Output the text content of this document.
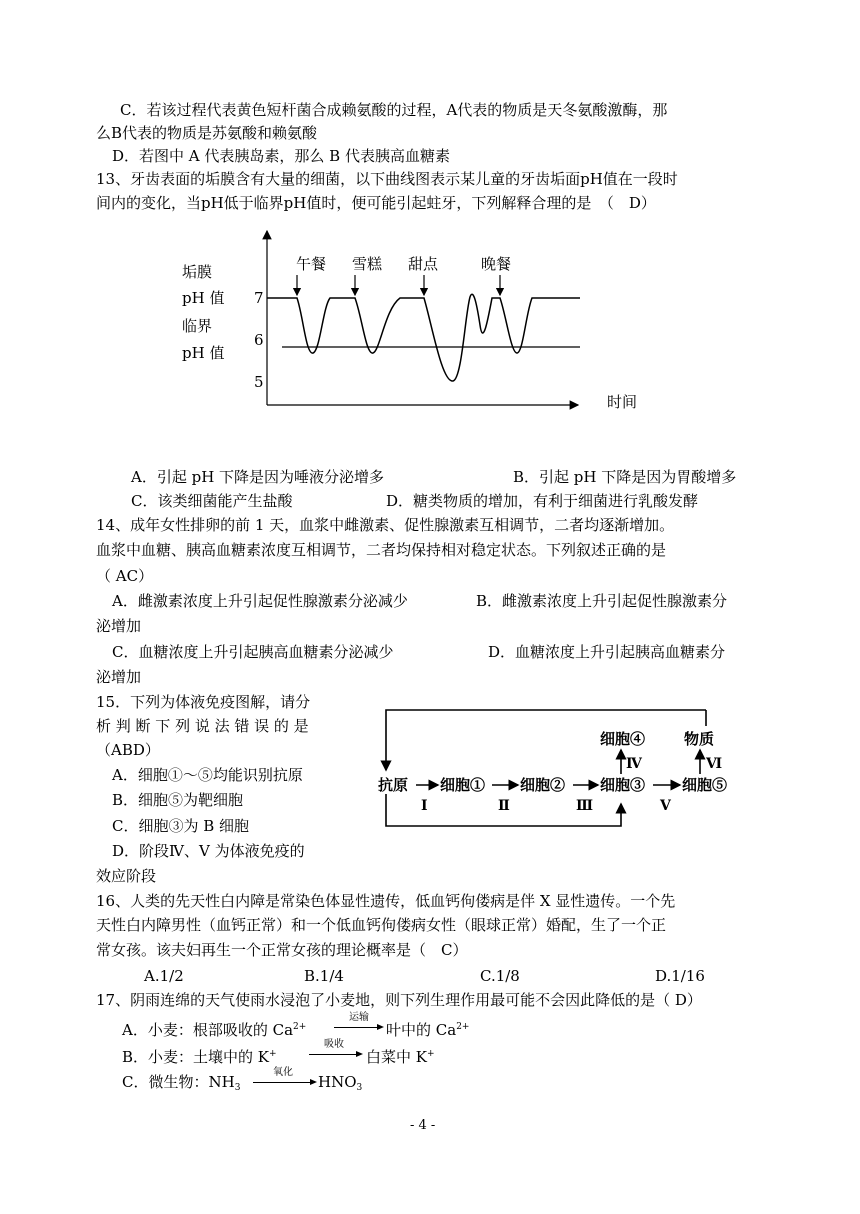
C．若该过程代表黄色短杆菌合成赖氨酸的过程，A代表的物质是天冬氨酸激酶，那
么B代表的物质是苏氨酸和赖氨酸
D．若图中 A 代表胰岛素，那么 B 代表胰高血糖素
13、牙齿表面的垢膜含有大量的细菌，以下曲线图表示某儿童的牙齿垢面pH值在一段时
间内的变化，当pH低于临界pH值时，便可能引起蛀牙，下列解释合理的是　（　D）
垢膜
pH 值
临界
pH 值
7
6
5
时间
午餐 雪糕 甜点	晚餐
A．引起 pH 下降是因为唾液分泌增多	B．引起 pH 下降是因为胃酸增多
C．该类细菌能产生盐酸	D．糖类物质的增加，有利于细菌进行乳酸发酵
14、成年女性排卵的前 1 天，血浆中雌激素、促性腺激素互相调节，二者均逐渐增加。
血浆中血糖、胰高血糖素浓度互相调节，二者均保持相对稳定状态。下列叙述正确的是
（ AC）
A．雌激素浓度上升引起促性腺激素分泌减少	B．雌激素浓度上升引起促性腺激素分
泌增加
C．血糖浓度上升引起胰高血糖素分泌减少	D．血糖浓度上升引起胰高血糖素分
泌增加
15．下列为体液免疫图解，请分
析 判 断 下 列 说 法 错 误 的 是
（ABD）
A．细胞①～⑤均能识别抗原
B．细胞⑤为靶细胞
C．细胞③为 B 细胞
D．阶段Ⅳ、V 为体液免疫的
效应阶段
抗原 细胞① 细胞② 细胞③ 细胞⑤
细胞④	物质
Ⅰ	Ⅱ	Ⅲ	Ⅴ
Ⅳ	Ⅵ
16、人类的先天性白内障是常染色体显性遗传，低血钙佝偻病是伴 X 显性遗传。一个先
天性白内障男性（血钙正常）和一个低血钙佝偻病女性（眼球正常）婚配，生了一个正
常女孩。该夫妇再生一个正常女孩的理论概率是（　C）
A.1/2	B.1/4	C.1/8	D.1/16
17、阴雨连绵的天气使雨水浸泡了小麦地，则下列生理作用最可能不会因此降低的是（ D）
A．小麦：根部吸收的 $Ca^{2+}$
运输
叶中的 $Ca^{2+}$
B．小麦：土壤中的 K+
吸收
白菜中 K+
C．微生物：$NH_3$
氧化
$HNO_3$
- 4 -
